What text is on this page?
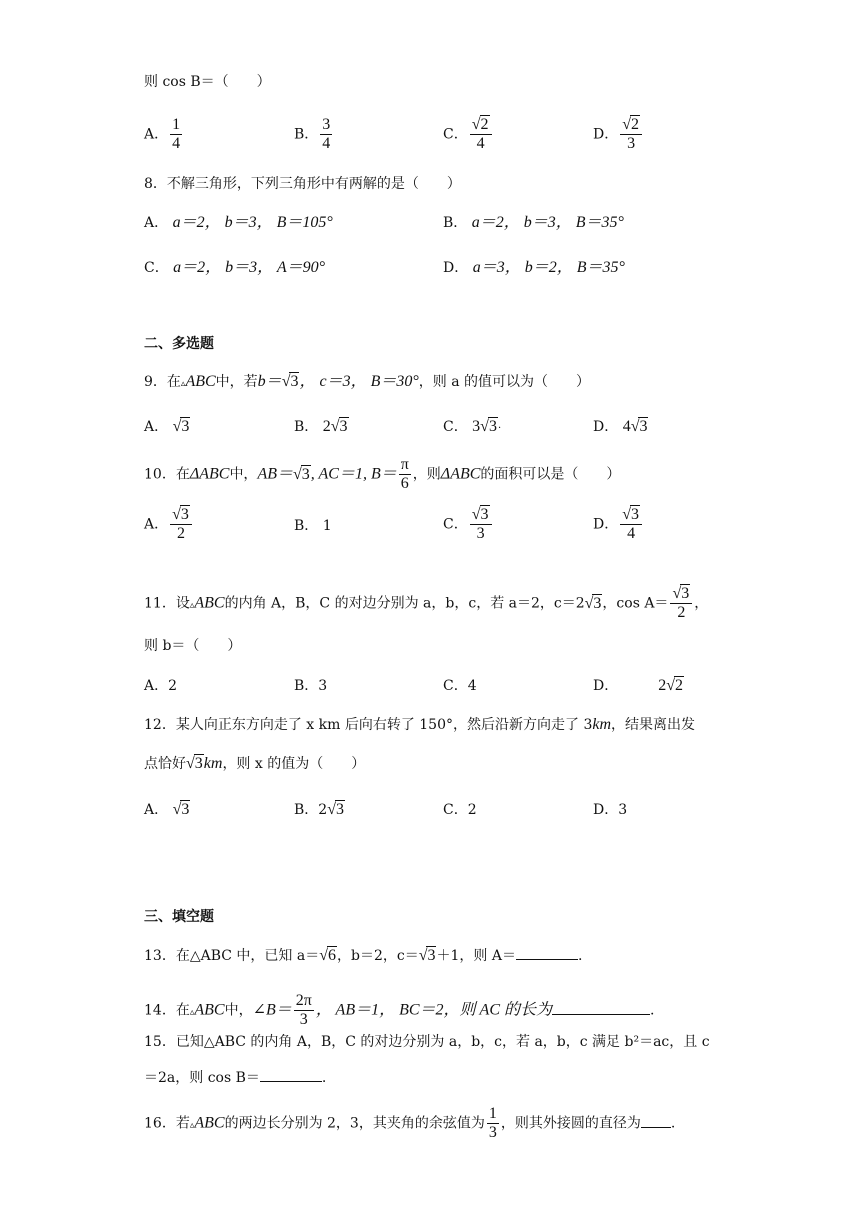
则 cos B＝（　　）
A． $\frac{1}{4}$	B． $\frac{3}{4}$	C． $\frac{√2}{4}$	D． $\frac{√2}{3}$
8．不解三角形，下列三角形中有两解的是（　　）
A． a＝2， b＝3， B＝105°	B． a＝2， b＝3， B＝35°
C． a＝2， b＝3， A＝90°	D． a＝3， b＝2， B＝35°
二、多选题
9．在▵ABC中，若b＝√3， c＝3， B＝30°，则 a 的值可以为（　　）
A． √3	B． 2√3	C． 3√3·	D． 4√3
10．在ΔABC中，AB＝√3, AC＝1, $B= \frac{\pi}{6}$ ，则ΔABC的面积可以是（　　）
A． $\frac{√3}{2}$	B． 1	C． $\frac{√3}{3}$	D． $\frac{√3}{4}$
11．设▵ABC的内角 A，B，C 的对边分别为 a，b，c，若 a＝2，c＝2√3，$\cos A= \frac{√3}{2}$ ，
则 b＝（　　）
A．2	B．3	C．4	D．	2√2
12．某人向正东方向走了 x km 后向右转了 150°，然后沿新方向走了 3km，结果离出发
点恰好√3km，则 x 的值为（　　）
A． √3	B．2√3	C．2	D．3
三、填空题
13．在△ABC 中，已知 a＝√6，b＝2，c＝√3＋1，则 A＝	.
14．在▵ABC中，∠B＝ $\frac{2\pi}{3}$ ， AB＝1， BC＝2，则 AC 的长为	.
15．已知△ABC 的内角 A，B，C 的对边分别为 a，b，c，若 a，b，c 满足 b²＝ac，且 c
＝2a，则 cos B＝	.
16．若▵ABC的两边长分别为 2，3，其夹角的余弦值为 $\frac{1}{3}$ ，则其外接圆的直径为 .
